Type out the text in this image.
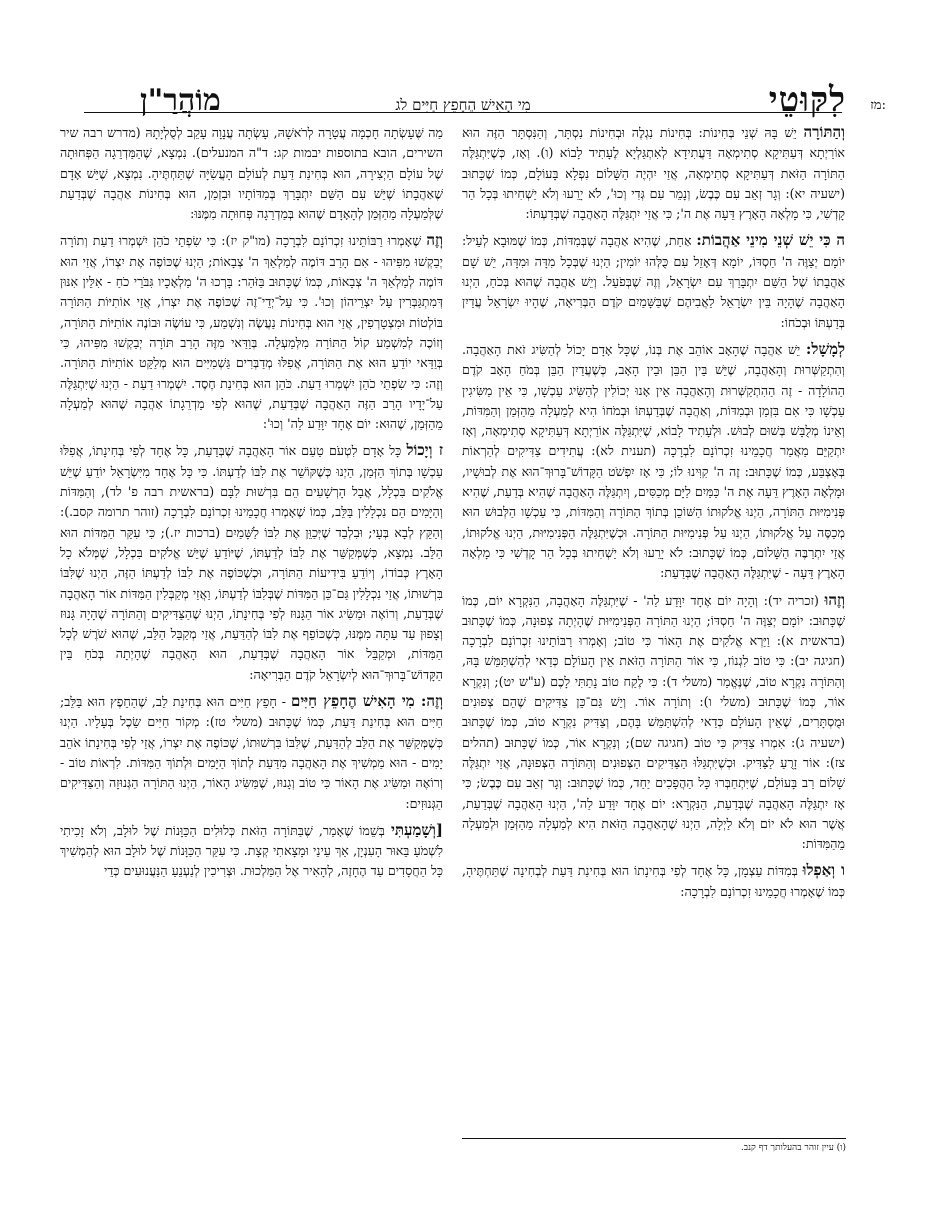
לִקּוּטֵי
מִי הָאִישׁ הֶחָפֵץ חַיִּים לג
מוֹהֲרַ"ן	מז:

וְהַתּוֹרָה יֵשׁ בָּהּ שְׁנֵי בְּחִינוֹת: בְּחִינוֹת נִגְלֶה וּבְחִינוֹת נִסְתָּר, וְהַנִּסְתָּר הַזֶּה הוּא אוֹרַיְתָא דְּעַתִּיקָא סְתִימְאָה דַּעֲתִידָא לְאִתְגַּלְיָא לֶעָתִיד לָבוֹא (ו). וְאָז, כְּשֶׁיִּתְגַּלֶּה הַתּוֹרָה הַזֹּאת דְּעַתִּיקָא סְתִימְאָה, אֲזַי יִהְיֶה הַשָּׁלוֹם נִפְלָא בָּעוֹלָם, כְּמוֹ שֶׁכָּתוּב (ישעיה יא): וְגָר זְאֵב עִם כֶּבֶשׂ, וְנָמֵר עִם גְּדִי וְכוּ', לֹא יָרֵעוּ וְלֹא יַשְׁחִיתוּ בְּכָל הַר קָדְשִׁי, כִּי מָלְאָה הָאָרֶץ דֵּעָה אֶת ה'; כִּי אֲזַי יִתְגַּלֶּה הָאַהֲבָה שֶׁבְּדַעְתּוֹ:

ה כִּי יֵשׁ שְׁנֵי מִינֵי אַהֲבוֹת: אַחַת, שֶׁהִיא אַהֲבָה שֶׁבְּמִדּוֹת, כְּמוֹ שֶׁמּוּבָא לְעֵיל: יוֹמָם יְצַוֶּה ה' חַסְדּוֹ, יוֹמָא דְּאָזֵל עִם כֻּלְּהוּ יוֹמִין; הַיְנוּ שֶׁבְּכָל מִדָּה וּמִדָּה, יֵשׁ שָׁם אַהֲבָתוֹ שֶׁל הַשֵּׁם יִתְבָּרַךְ עִם יִשְׂרָאֵל, וְזֶה שֶׁבְּפֹעַל. וְיֵשׁ אַהֲבָה שֶׁהוּא בְּכֹחַ, הַיְנוּ הָאַהֲבָה שֶׁהָיָה בֵּין יִשְׂרָאֵל לַאֲבִיהֶם שֶׁבַּשָּׁמַיִם קֹדֶם הַבְּרִיאָה, שֶׁהָיוּ יִשְׂרָאֵל עֲדַיִן בְּדַעְתּוֹ וּבְכֹחוֹ:

לְמָשָׁל: יֵשׁ אַהֲבָה שֶׁהָאָב אוֹהֵב אֶת בְּנוֹ, שֶׁכָּל אָדָם יָכוֹל לְהַשִּׂיג זֹאת הָאַהֲבָה. וְהִתְקַשְּׁרוּת וְהָאַהֲבָה, שֶׁיֵּשׁ בֵּין הַבֵּן וּבֵין הָאָב, כְּשֶׁעֲדַיִן הַבֵּן בְּמֹחַ הָאָב קֹדֶם הַהוֹלָדָה - זֶה הַהִתְקַשְּׁרוּת וְהָאַהֲבָה אֵין אָנוּ יְכוֹלִין לְהַשִּׂיג עַכְשָׁו, כִּי אֵין מַשִּׂיגִין עַכְשָׁו כִּי אִם בִּזְמַן וּבְמִדּוֹת, וְאַהֲבָה שֶׁבְּדַעְתּוֹ וּבְמֹחוֹ הִיא לְמַעְלָה מֵהַזְּמַן וְהַמִּדּוֹת, וְאֵינוֹ מְלֻבָּשׁ בְּשׁוּם לְבוּשׁ. וּלְעָתִיד לָבוֹא, שֶׁיִּתְגַּלֶּה אוֹרַיְתָא דְּעַתִּיקָא סְתִימְאָה, וְאָז יִתְקַיֵּם מַאֲמַר חֲכָמֵינוּ זִכְרוֹנָם לִבְרָכָה (תענית לא): עֲתִידִים צַדִּיקִים לְהַרְאוֹת בְּאֶצְבַּע, כְּמוֹ שֶׁכָּתוּב: זֶה ה' קִוִּינוּ לוֹ; כִּי אָז יִפְשֹׁט הַקָּדוֹשׁ־בָּרוּךְ־הוּא אֶת לְבוּשָׁיו, וּמָלְאָה הָאָרֶץ דֵּעָה אֶת ה' כַּמַּיִם לַיָּם מְכַסִּים, וְיִתְגַּלֶּה הָאַהֲבָה שֶׁהִיא בְּדַעַת, שֶׁהִיא פְּנִימִיּוּת הַתּוֹרָה, הַיְנוּ אֱלֹקוּתוֹ הַשּׁוֹכֵן בְּתוֹךְ הַתּוֹרָה וְהַמִּדּוֹת, כִּי עַכְשָׁו הַלְּבוּשׁ הוּא מְכַסֶּה עַל אֱלֹקוּתוֹ, הַיְנוּ עַל פְּנִימִיּוּת הַתּוֹרָה. וּכְשֶׁיִּתְגַּלֶּה הַפְּנִימִיּוּת, הַיְנוּ אֱלֹקוּתוֹ, אֲזַי יִתְרַבֶּה הַשָּׁלוֹם, כְּמוֹ שֶׁכָּתוּב: לֹא יָרֵעוּ וְלֹא יַשְׁחִיתוּ בְּכָל הַר קָדְשִׁי כִּי מָלְאָה הָאָרֶץ דֵּעָה - שֶׁיִּתְגַּלֶּה הָאַהֲבָה שֶׁבְּדַעַת:

וְזֶהוּ (זכריה יד): וְהָיָה יוֹם אֶחָד יִוָּדַע לַה' - שֶׁיִּתְגַּלֶּה הָאַהֲבָה, הַנִּקְרָא יוֹם, כְּמוֹ שֶׁכָּתוּב: יוֹמָם יְצַוֶּה ה' חַסְדּוֹ; הַיְנוּ הַתּוֹרָה הַפְּנִימִיּוּת שֶׁהָיְתָה צְפוּנָה, כְּמוֹ שֶׁכָּתוּב (בראשית א): וַיַּרְא אֱלֹקִים אֶת הָאוֹר כִּי טוֹב; וְאָמְרוּ רַבּוֹתֵינוּ זִכְרוֹנָם לִבְרָכָה (חגיגה יב): כִּי טוֹב לִגְנוֹז, כִּי אוֹר הַתּוֹרָה הַזֹּאת אֵין הָעוֹלָם כְּדַאי לְהִשְׁתַּמֵּשׁ בָּהּ, וְהַתּוֹרָה נִקְרָא טוֹב, שֶׁנֶּאֱמַר (משלי ד): כִּי לֶקַח טוֹב נָתַתִּי לָכֶם (ע"ש יט); וְנִקְרָא אוֹר, כְּמוֹ שֶׁכָּתוּב (משלי ו): וְתוֹרָה אוֹר. וְיֵשׁ גַּם־כֵּן צַדִּיקִים שֶׁהֵם צְפוּנִים וּמֻסְתָּרִים, שֶׁאֵין הָעוֹלָם כְּדַאי לְהִשְׁתַּמֵּשׁ בָּהֶם, וְצַדִּיק נִקְרָא טוֹב, כְּמוֹ שֶׁכָּתוּב (ישעיה ג): אִמְרוּ צַדִּיק כִּי טוֹב (חגיגה שם); וְנִקְרָא אוֹר, כְּמוֹ שֶׁכָּתוּב (תהלים צז): אוֹר זָרֻעַ לַצַּדִּיק. וּכְשֶׁיִּתְגַּלּוּ הַצַּדִּיקִים הַצְּפוּנִים וְהַתּוֹרָה הַצְּפוּנָה, אֲזַי יִתְגַּלֶּה שָׁלוֹם רַב בָּעוֹלָם, שֶׁיִּתְחַבְּרוּ כָּל הַהֲפָכִים יַחַד, כְּמוֹ שֶׁכָּתוּב: וְגָר זְאֵב עִם כֶּבֶשׂ; כִּי אָז יִתְגַּלֶּה הָאַהֲבָה שֶׁבְּדַעַת, הַנִּקְרָא: יוֹם אֶחָד יִוָּדַע לַה', הַיְנוּ הָאַהֲבָה שֶׁבְּדַעַת, אֲשֶׁר הוּא לֹא יוֹם וְלֹא לַיְלָה, הַיְנוּ שֶׁהָאַהֲבָה הַזֹּאת הִיא לְמַעְלָה מֵהַזְּמַן וּלְמַעְלָה מֵהַמִּדּוֹת:

ו וְאַפְלוּ בְּמִדּוֹת עַצְמָן, כָּל אֶחָד לְפִי בְּחִינָתוֹ הוּא בְּחִינַת דַּעַת לְבְחִינָה שֶׁתַּחְתֶּיהָ, כְּמוֹ שֶׁאָמְרוּ חֲכָמֵינוּ זִכְרוֹנָם לִבְרָכָה:

מַה שֶּׁעָשְׂתָה חָכְמָה עֲטָרָה לְרֹאשָׁהּ, עָשְׂתָה עֲנָוָה עָקֵב לְסֻלְיָתָהּ (מדרש רבה שיר השירים, הובא בתוספות יבמות קג: ד"ה המנעלים). נִמְצָא, שֶׁהַמַּדְרֵגָה הַפְּחוּתָה שֶׁל עוֹלָם הַיְצִירָה, הוּא בְּחִינַת דַּעַת לְעוֹלָם הָעֲשִׂיָּה שֶׁתַּחְתֶּיהָ. נִמְצָא, שֶׁיֵּשׁ אָדָם שֶׁאַהֲבָתוֹ שֶׁיֵּשׁ עִם הַשֵּׁם יִתְבָּרַךְ בְּמִדּוֹתָיו וּבִזְמַן, הוּא בְּחִינוֹת אַהֲבָה שֶׁבְּדַעַת שֶׁלְּמַעְלָה מֵהַזְּמַן לְהָאָדָם שֶׁהוּא בְּמַדְרֵגָה פְּחוּתָה מִמֶּנּוּ:

וְזֶה שֶׁאָמְרוּ רַבּוֹתֵינוּ זִכְרוֹנָם לִבְרָכָה (מו"ק יז): כִּי שִׂפְתֵי כֹהֵן יִשְׁמְרוּ דַעַת וְתוֹרָה יְבַקְשׁוּ מִפִּיהוּ - אִם הָרַב דּוֹמֶה לְמַלְאַךְ ה' צְבָאוֹת; הַיְנוּ שֶׁכּוֹפֶה אֶת יִצְרוֹ, אֲזַי הוּא דּוֹמֶה לְמַלְאַךְ ה' צְבָאוֹת, כְּמוֹ שֶׁכָּתוּב בַּזֹּהַר: בָּרְכוּ ה' מַלְאָכָיו גִּבֹּרֵי כֹחַ - אִלֵּין אִנּוּן דְּמִתְגַּבְּרִין עַל יִצְרֵיהוֹן וְכוּ'. כִּי עַל־יְדֵי־זֶה שֶׁכּוֹפֶה אֶת יִצְרוֹ, אֲזַי אוֹתִיּוֹת הַתּוֹרָה בּוֹלְטוֹת וּמִצְטָרְפִין, אֲזַי הוּא בְּחִינוֹת נַעֲשֶׂה וְנִשְׁמַע, כִּי עוֹשֶׂה וּבוֹנֶה אוֹתִיּוֹת הַתּוֹרָה, וְזוֹכֶה לְמִשְׁמַע קוֹל הַתּוֹרָה מִלְּמַעְלָה. בְּוַדַּאי מִזֶּה הָרַב תּוֹרָה יְבַקְשׁוּ מִפִּיהוּ, כִּי בְּוַדַּאי יוֹדֵעַ הוּא אֶת הַתּוֹרָה, אֲפִלּוּ מְדַבְּרִים גַּשְׁמִיִּים הוּא מְלַקֵּט אוֹתִיּוֹת הַתּוֹרָה. וְזֶה: כִּי שִׂפְתֵי כֹהֵן יִשְׁמְרוּ דַעַת. כֹּהֵן הוּא בְּחִינַת חֶסֶד. יִשְׁמְרוּ דַעַת - הַיְנוּ שֶׁיִּתְגַּלֶּה עַל־יָדָיו הָרַב הַזֶּה הָאַהֲבָה שֶׁבְּדַעַת, שֶׁהוּא לְפִי מַדְרֵגָתוֹ אַהֲבָה שֶׁהוּא לְמַעְלָה מֵהַזְּמַן, שֶׁהוּא: יוֹם אֶחָד יִוָּדַע לַה' וְכוּ':

ז וְיָכוֹל כָּל אָדָם לִטְעֹם טַעַם אוֹר הָאַהֲבָה שֶׁבְּדַעַת, כָּל אֶחָד לְפִי בְּחִינָתוֹ, אֲפִלּוּ עַכְשָׁו בְּתוֹךְ הַזְּמַן, הַיְנוּ כְּשֶׁקּוֹשֵׁר אֶת לִבּוֹ לְדַעְתּוֹ. כִּי כָּל אֶחָד מִיִּשְׂרָאֵל יוֹדֵעַ שֶׁיֵּשׁ אֱלֹקִים בִּכְלָל, אֲבָל הָרְשָׁעִים הֵם בִּרְשׁוּת לִבָּם (בראשית רבה פ' לד), וְהַמִּדּוֹת וְהַיָּמִים הֵם נִכְלָלִין בַּלֵּב, כְּמוֹ שֶׁאָמְרוּ חֲכָמֵינוּ זִכְרוֹנָם לִבְרָכָה (זוהר תרומה קסב.): וְהַקֵּץ לְבָא בְּעָי; וּבִלְבַד שֶׁיְּכַוֵּן אֶת לִבּוֹ לַשָּׁמַיִם (ברכות יז.); כִּי עִקַּר הַמִּדּוֹת הוּא הַלֵּב. נִמְצָא, כְּשֶׁמְּקַשֵּׁר אֶת לִבּוֹ לְדַעְתּוֹ, שֶׁיּוֹדֵעַ שֶׁיֵּשׁ אֱלֹקִים בִּכְלָל, שֶׁמְּלֹא כָל הָאָרֶץ כְּבוֹדוֹ, וְיוֹדֵעַ בִּידִיעוֹת הַתּוֹרָה, וּכְשֶׁכּוֹפֶה אֶת לִבּוֹ לְדַעְתּוֹ הַזֶּה, הַיְנוּ שֶׁלִּבּוֹ בִּרְשׁוּתוֹ, אֲזַי נִכְלָלִין גַּם־כֵּן הַמִּדּוֹת שֶׁבְּלִבּוֹ לְדַעְתּוֹ, וַאֲזַי מְקַבְּלִין הַמִּדּוֹת אוֹר הָאַהֲבָה שֶׁבְּדַעַת, וְרוֹאֶה וּמַשִּׂיג אוֹר הַגָּנוּז לְפִי בְּחִינָתוֹ, הַיְנוּ שֶׁהַצַּדִּיקִים וְהַתּוֹרָה שֶׁהָיָה גָּנוּז וְצָפוּן עַד עַתָּה מִמֶּנּוּ, כְּשֶׁכּוֹפֵף אֶת לִבּוֹ לְהַדַּעַת, אֲזַי מְקַבֵּל הַלֵּב, שֶׁהוּא שֹׁרֶשׁ לְכָל הַמִּדּוֹת, וּמְקַבֵּל אוֹר הָאַהֲבָה שֶׁבְּדַעַת, הוּא הָאַהֲבָה שֶׁהָיְתָה בְּכֹחַ בֵּין הַקָּדוֹשׁ־בָּרוּךְ־הוּא לְיִשְׂרָאֵל קֹדֶם הַבְּרִיאָה:

וְזֶה: מִי הָאִישׁ הֶחָפֵץ חַיִּים - חָפֵץ חַיִּים הוּא בְּחִינַת לֵב, שֶׁהַחֵפֶץ הוּא בַּלֵּב; חַיִּים הוּא בְּחִינַת דַּעַת, כְּמוֹ שֶׁכָּתוּב (משלי טז): מְקוֹר חַיִּים שֵׂכֶל בְּעָלָיו. הַיְנוּ כְּשֶׁמְּקַשֵּׁר אֶת הַלֵּב לְהַדַּעַת, שֶׁלִּבּוֹ בִּרְשׁוּתוֹ, שֶׁכּוֹפֶה אֶת יִצְרוֹ, אֲזַי לְפִי בְּחִינָתוֹ אֹהֵב יָמִים - הוּא מַמְשִׁיךְ אֶת הָאַהֲבָה מִדַּעַת לְתוֹךְ הַיָּמִים וּלְתוֹךְ הַמִּדּוֹת. לִרְאוֹת טוֹב - וְרוֹאֶה וּמַשִּׂיג אֶת הָאוֹר כִּי טוֹב וְגָנוּז, שֶׁמַּשִּׂיג הָאוֹר, הַיְנוּ הַתּוֹרָה הַגְּנוּזָה וְהַצַּדִּיקִים הַגְּנוּזִים:

[וְשָׁמַעְתִּי בְּשֵׁמוֹ שֶׁאָמַר, שֶׁבַּתּוֹרָה הַזֹּאת כְּלוּלִים הַכַּוָּנוֹת שֶׁל לוּלָב, וְלֹא זָכִיתִי לִשְׁמֹעַ בֵּאוּר הָעִנְיָן, אַךְ עֵינַי וּמָצָאתִי קְצָת. כִּי עִקַּר הַכַּוָּנוֹת שֶׁל לוּלָב הוּא לְהַמְשִׁיךְ כָּל הַחֲסָדִים עַד הֶחָזֶה, לְהָאִיר אֶל הַמַּלְכוּת. וּצְרִיכִין לְנַעְנֵעַ הַנַּעֲנוּעִים כְּדֵי

(ו) עיין זוהר בהעלותך דף קנב.
